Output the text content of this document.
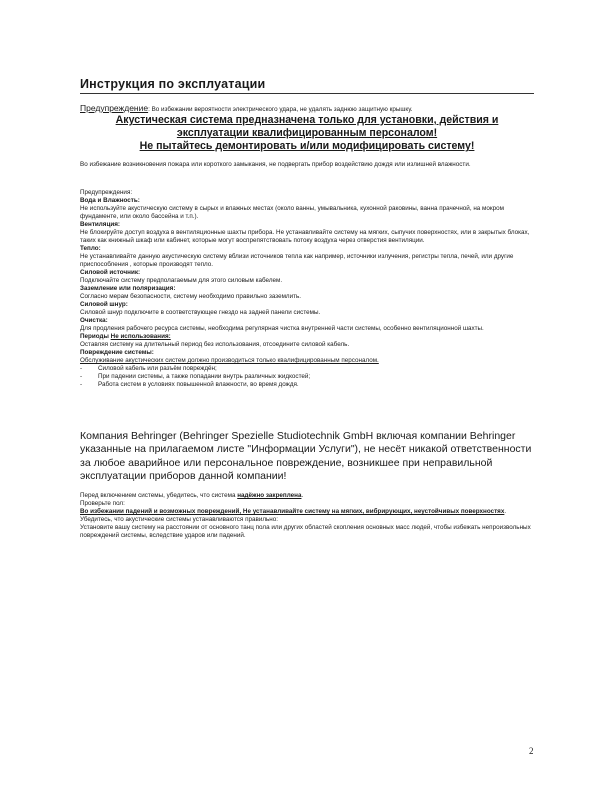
Инструкция по эксплуатации
Предупреждение: Во избежании вероятности электрического удара, не удалять заднюю защитную крышку.
Акустическая система предназначена только для установки, действия и
эксплуатации квалифицированным персоналом!
Не пытайтесь демонтировать и/или модифицировать систему!
Во избежание возникновения пожара или короткого замыкания, не подвергать прибор воздействию дождя или излишней влажности.
Предупреждения:
Вода и Влажность:
Не используйте акустическую систему в сырых и влажных местах (около ванны, умывальника, кухонной раковины, ванна прачечной, на мокром фундаменте, или около бассейна и т.п.).
Вентиляция:
Не блокируйте доступ воздуха в вентиляционные шахты прибора. Не устанавливайте систему на мягких, сыпучих поверхностях, или в закрытых блоках, таких как книжный шкаф или кабинет, которые могут воспрепятствовать потоку воздуха через отверстия вентиляции.
Тепло:
Не устанавливайте данную акустическую систему вблизи источников тепла как например, источники излучения, регистры тепла, печей, или другие приспособления , которые производят тепло.
Силовой источник:
Подключайте систему предполагаемым для этого силовым кабелем.
Заземление или поляризация:
Согласно мерам безопасности, систему необходимо правильно заземлить.
Силовой шнур:
Силовой шнур подключите в соответствующее гнездо на задней панели системы.
Очистка:
Для продления рабочего ресурса системы, необходима регулярная чистка внутренней части системы, особенно вентиляционной шахты.
Периоды Не использования:
Оставляя систему на длительный период без использования, отсоедините силовой кабель.
Повреждение системы:
Обслуживание акустических систем должно производиться только квалифицированным персоналом.
-	Силовой кабель или разъём повреждён;
-	При падении системы, а также попадании внутрь различных жидкостей;
-	Работа систем в условиях повышенной влажности, во время дождя.
Компания Behringer (Behringer Spezielle Studiotechnik GmbH включая компании Behringer указанные на прилагаемом листе "Информации Услуги"), не несёт никакой ответственности за любое аварийное или персональное повреждение, возникшее при неправильной эксплуатации приборов данной компании!
Перед включением системы, убедитесь, что система надёжно закреплена.
Проверьте пол:
Во избежании падений и возможных повреждений, Не устанавливайте систему на мягких, вибрирующих, неустойчивых поверхностях.
Убедитесь, что акустические системы устанавливаются правильно:
Установите вашу систему на расстоянии от основного танц пола или других областей скопления основных масс людей, чтобы избежать непроизвольных повреждений системы, вследствие ударов или падений.
2
